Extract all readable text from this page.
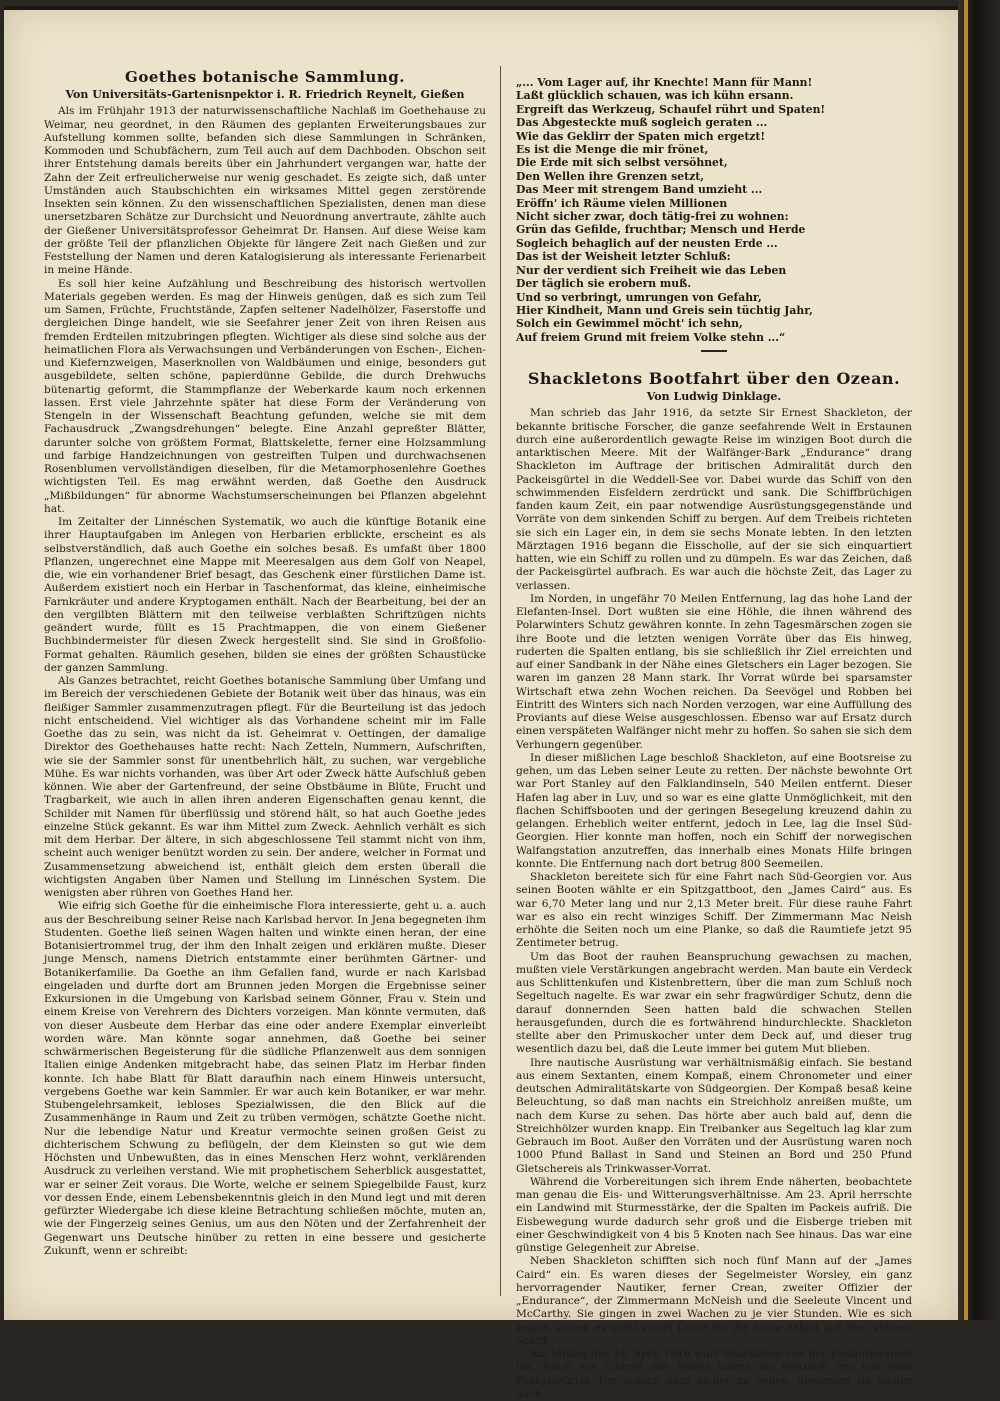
Goethes botanische Sammlung.
Von Universitäts-Gartenisnpektor i. R. Friedrich Reynelt, Gießen

Als im Frühjahr 1913 der naturwissenschaftliche Nachlaß im Goethehause zu Weimar, neu geordnet, in den Räumen des geplanten Erweiterungsbaues zur Aufstellung kommen sollte, befanden sich diese Sammlungen in Schränken, Kommoden und Schubfächern, zum Teil auch auf dem Dachboden. Obschon seit ihrer Entstehung damals bereits über ein Jahrhundert vergangen war, hatte der Zahn der Zeit erfreulicherweise nur wenig geschadet. Es zeigte sich, daß unter Umständen auch Staubschichten ein wirksames Mittel gegen zerstörende Insekten sein können. Zu den wissenschaftlichen Spezialisten, denen man diese unersetzbaren Schätze zur Durchsicht und Neuordnung anvertraute, zählte auch der Gießener Universitätsprofessor Geheimrat Dr. Hansen. Auf diese Weise kam der größte Teil der pflanzlichen Objekte für längere Zeit nach Gießen und zur Feststellung der Namen und deren Katalogisierung als interessante Ferienarbeit in meine Hände.

Es soll hier keine Aufzählung und Beschreibung des historisch wertvollen Materials gegeben werden. Es mag der Hinweis genügen, daß es sich zum Teil um Samen, Früchte, Fruchtstände, Zapfen seltener Nadelhölzer, Faserstoffe und dergleichen Dinge handelt, wie sie Seefahrer jener Zeit von ihren Reisen aus fremden Erdteilen mitzubringen pflegten. Wichtiger als diese sind solche aus der heimatlichen Flora als Verwachsungen und Verbänderungen von Eschen-, Eichen- und Kiefernzweigen, Maserknollen von Waldbäumen und einige, besonders gut ausgebildete, selten schöne, papierdünne Gebilde, die durch Drehwuchs bütenartig geformt, die Stammpflanze der Weberkarde kaum noch erkennen lassen. Erst viele Jahrzehnte später hat diese Form der Veränderung von Stengeln in der Wissenschaft Beachtung gefunden, welche sie mit dem Fachausdruck „Zwangsdrehungen“ belegte. Eine Anzahl gepreßter Blätter, darunter solche von größtem Format, Blattskelette, ferner eine Holzsammlung und farbige Handzeichnungen von gestreiften Tulpen und durchwachsenen Rosenblumen vervollständigen dieselben, für die Metamorphosenlehre Goethes wichtigsten Teil. Es mag erwähnt werden, daß Goethe den Ausdruck „Mißbildungen“ für abnorme Wachstumserscheinungen bei Pflanzen abgelehnt hat.

Im Zeitalter der Linnéschen Systematik, wo auch die künftige Botanik eine ihrer Hauptaufgaben im Anlegen von Herbarien erblickte, erscheint es als selbstverständlich, daß auch Goethe ein solches besaß. Es umfaßt über 1800 Pflanzen, ungerechnet eine Mappe mit Meeresalgen aus dem Golf von Neapel, die, wie ein vorhandener Brief besagt, das Geschenk einer fürstlichen Dame ist. Außerdem existiert noch ein Herbar in Taschenformat, das kleine, einheimische Farnkräuter und andere Kryptogamen enthält. Nach der Bearbeitung, bei der an den vergilbten Blättern mit den teilweise verblaßten Schriftzügen nichts geändert wurde, füllt es 15 Prachtmappen, die von einem Gießener Buchbindermeister für diesen Zweck hergestellt sind. Sie sind in Großfolio-Format gehalten. Räumlich gesehen, bilden sie eines der größten Schaustücke der ganzen Sammlung.

Als Ganzes betrachtet, reicht Goethes botanische Sammlung über Umfang und im Bereich der verschiedenen Gebiete der Botanik weit über das hinaus, was ein fleißiger Sammler zusammenzutragen pflegt. Für die Beurteilung ist das jedoch nicht entscheidend. Viel wichtiger als das Vorhandene scheint mir im Falle Goethe das zu sein, was nicht da ist. Geheimrat v. Oettingen, der damalige Direktor des Goethehauses hatte recht: Nach Zetteln, Nummern, Aufschriften, wie sie der Sammler sonst für unentbehrlich hält, zu suchen, war vergebliche Mühe. Es war nichts vorhanden, was über Art oder Zweck hätte Aufschluß geben können. Wie aber der Gartenfreund, der seine Obstbäume in Blüte, Frucht und Tragbarkeit, wie auch in allen ihren anderen Eigenschaften genau kennt, die Schilder mit Namen für überflüssig und störend hält, so hat auch Goethe jedes einzelne Stück gekannt. Es war ihm Mittel zum Zweck. Aehnlich verhält es sich mit dem Herbar. Der ältere, in sich abgeschlossene Teil stammt nicht von ihm, scheint auch weniger benützt worden zu sein. Der andere, welcher in Format und Zusammensetzung abweichend ist, enthält gleich dem ersten überall die wichtigsten Angaben über Namen und Stellung im Linnéschen System. Die wenigsten aber rühren von Goethes Hand her.

Wie eifrig sich Goethe für die einheimische Flora interessierte, geht u. a. auch aus der Beschreibung seiner Reise nach Karlsbad hervor. In Jena begegneten ihm Studenten. Goethe ließ seinen Wagen halten und winkte einen heran, der eine Botanisiertrommel trug, der ihm den Inhalt zeigen und erklären mußte. Dieser junge Mensch, namens Dietrich entstammte einer berühmten Gärtner- und Botanikerfamilie. Da Goethe an ihm Gefallen fand, wurde er nach Karlsbad eingeladen und durfte dort am Brunnen jeden Morgen die Ergebnisse seiner Exkursionen in die Umgebung von Karlsbad seinem Gönner, Frau v. Stein und einem Kreise von Verehrern des Dichters vorzeigen. Man könnte vermuten, daß von dieser Ausbeute dem Herbar das eine oder andere Exemplar einverleibt worden wäre. Man könnte sogar annehmen, daß Goethe bei seiner schwärmerischen Begeisterung für die südliche Pflanzenwelt aus dem sonnigen Italien einige Andenken mitgebracht habe, das seinen Platz im Herbar finden konnte. Ich habe Blatt für Blatt daraufhin nach einem Hinweis untersucht, vergebens Goethe war kein Sammler. Er war auch kein Botaniker, er war mehr. Stubengelehrsamkeit, lebloses Spezialwissen, die den Blick auf die Zusammenhänge in Raum und Zeit zu trüben vermögen, schätzte Goethe nicht. Nur die lebendige Natur und Kreatur vermochte seinen großen Geist zu dichterischem Schwung zu beflügeln, der dem Kleinsten so gut wie dem Höchsten und Unbewußten, das in eines Menschen Herz wohnt, verklärenden Ausdruck zu verleihen verstand. Wie mit prophetischem Seherblick ausgestattet, war er seiner Zeit voraus. Die Worte, welche er seinem Spiegelbilde Faust, kurz vor dessen Ende, einem Lebensbekenntnis gleich in den Mund legt und mit deren gefürzter Wiedergabe ich diese kleine Betrachtung schließen möchte, muten an, wie der Fingerzeig seines Genius, um aus den Nöten und der Zerfahrenheit der Gegenwart uns Deutsche hinüber zu retten in eine bessere und gesicherte Zukunft, wenn er schreibt:

„... Vom Lager auf, ihr Knechte! Mann für Mann!
Laßt glücklich schauen, was ich kühn ersann.
Ergreift das Werkzeug, Schaufel rührt und Spaten!
Das Abgesteckte muß sogleich geraten ...
Wie das Geklirr der Spaten mich ergetzt!
Es ist die Menge die mir frönet,
Die Erde mit sich selbst versöhnet,
Den Wellen ihre Grenzen setzt,
Das Meer mit strengem Band umzieht ...
Eröffn' ich Räume vielen Millionen
Nicht sicher zwar, doch tätig-frei zu wohnen:
Grün das Gefilde, fruchtbar; Mensch und Herde
Sogleich behaglich auf der neusten Erde ...
Das ist der Weisheit letzter Schluß:
Nur der verdient sich Freiheit wie das Leben
Der täglich sie erobern muß.
Und so verbringt, umrungen von Gefahr,
Hier Kindheit, Mann und Greis sein tüchtig Jahr,
Solch ein Gewimmel möcht' ich sehn,
Auf freiem Grund mit freiem Volke stehn ...“
Shackletons Bootfahrt über den Ozean.
Von Ludwig Dinklage.

Man schrieb das Jahr 1916, da setzte Sir Ernest Shackleton, der bekannte britische Forscher, die ganze seefahrende Welt in Erstaunen durch eine außerordentlich gewagte Reise im winzigen Boot durch die antarktischen Meere. Mit der Walfänger-Bark „Endurance“ drang Shackleton im Auftrage der britischen Admiralität durch den Packeisgürtel in die Weddell-See vor. Dabei wurde das Schiff von den schwimmenden Eisfeldern zerdrückt und sank. Die Schiffbrüchigen fanden kaum Zeit, ein paar notwendige Ausrüstungsgegenstände und Vorräte von dem sinkenden Schiff zu bergen. Auf dem Treibeis richteten sie sich ein Lager ein, in dem sie sechs Monate lebten. In den letzten Märztagen 1916 begann die Eisscholle, auf der sie sich einquartiert hatten, wie ein Schiff zu rollen und zu dümpeln. Es war das Zeichen, daß der Packeisgürtel aufbrach. Es war auch die höchste Zeit, das Lager zu verlassen.

Im Norden, in ungefähr 70 Meilen Entfernung, lag das hohe Land der Elefanten-Insel. Dort wußten sie eine Höhle, die ihnen während des Polarwinters Schutz gewähren konnte. In zehn Tagesmärschen zogen sie ihre Boote und die letzten wenigen Vorräte über das Eis hinweg, ruderten die Spalten entlang, bis sie schließlich ihr Ziel erreichten und auf einer Sandbank in der Nähe eines Gletschers ein Lager bezogen. Sie waren im ganzen 28 Mann stark. Ihr Vorrat würde bei sparsamster Wirtschaft etwa zehn Wochen reichen. Da Seevögel und Robben bei Eintritt des Winters sich nach Norden verzogen, war eine Auffüllung des Proviants auf diese Weise ausgeschlossen. Ebenso war auf Ersatz durch einen verspäteten Walfänger nicht mehr zu hoffen. So sahen sie sich dem Verhungern gegenüber.

In dieser mißlichen Lage beschloß Shackleton, auf eine Bootsreise zu gehen, um das Leben seiner Leute zu retten. Der nächste bewohnte Ort war Port Stanley auf den Falklandinseln, 540 Meilen entfernt. Dieser Hafen lag aber in Luv, und so war es eine glatte Unmöglichkeit, mit den flachen Schiffsbooten und der geringen Besegelung kreuzend dahin zu gelangen. Erheblich weiter entfernt, jedoch in Lee, lag die Insel Süd-Georgien. Hier konnte man hoffen, noch ein Schiff der norwegischen Walfangstation anzutreffen, das innerhalb eines Monats Hilfe bringen konnte. Die Entfernung nach dort betrug 800 Seemeilen.

Shackleton bereitete sich für eine Fahrt nach Süd-Georgien vor. Aus seinen Booten wählte er ein Spitzgattboot, den „James Caird“ aus. Es war 6,70 Meter lang und nur 2,13 Meter breit. Für diese rauhe Fahrt war es also ein recht winziges Schiff. Der Zimmermann Mac Neish erhöhte die Seiten noch um eine Planke, so daß die Raumtiefe jetzt 95 Zentimeter betrug.

Um das Boot der rauhen Beanspruchung gewachsen zu machen, mußten viele Verstärkungen angebracht werden. Man baute ein Verdeck aus Schlittenkufen und Kistenbrettern, über die man zum Schluß noch Segeltuch nagelte. Es war zwar ein sehr fragwürdiger Schutz, denn die darauf donnernden Seen hatten bald die schwachen Stellen herausgefunden, durch die es fortwährend hindurchleckte. Shackleton stellte aber den Primuskocher unter dem Deck auf, und dieser trug wesentlich dazu bei, daß die Leute immer bei gutem Mut blieben.

Ihre nautische Ausrüstung war verhältnismäßig einfach. Sie bestand aus einem Sextanten, einem Kompaß, einem Chronometer und einer deutschen Admiralitätskarte von Südgeorgien. Der Kompaß besaß keine Beleuchtung, so daß man nachts ein Streichholz anreißen mußte, um nach dem Kurse zu sehen. Das hörte aber auch bald auf, denn die Streichhölzer wurden knapp. Ein Treibanker aus Segeltuch lag klar zum Gebrauch im Boot. Außer den Vorräten und der Ausrüstung waren noch 1000 Pfund Ballast in Sand und Steinen an Bord und 250 Pfund Gletschereis als Trinkwasser-Vorrat.

Während die Vorbereitungen sich ihrem Ende näherten, beobachtete man genau die Eis- und Witterungsverhältnisse. Am 23. April herrschte ein Landwind mit Sturmesstärke, der die Spalten im Packeis aufriß. Die Eisbewegung wurde dadurch sehr groß und die Eisberge trieben mit einer Geschwindigkeit von 4 bis 5 Knoten nach See hinaus. Das war eine günstige Gelegenheit zur Abreise.

Neben Shackleton schifften sich noch fünf Mann auf der „James Caird“ ein. Es waren dieses der Segelmeister Worsley, ein ganz hervorragender Nautiker, ferner Crean, zweiter Offizier der „Endurance“, der Zimmermann McNeish und die Seeleute Vincent und McCarthy. Sie gingen in zwei Wachen zu je vier Stunden. Wie es sich zeigte, waren es nicht zuviel Leute für die harte Arbeit auf dem kleinen Schiff.

Am Mittag des 24. April 1916 warf Shackleton von der Elefanten-Insel los. Noch vor Eintritt der Nacht waren sie gänzlich frei von dem Packeisgürtel. Um jedoch ganz sicher zu gehen, steuerten sie weiter nach
